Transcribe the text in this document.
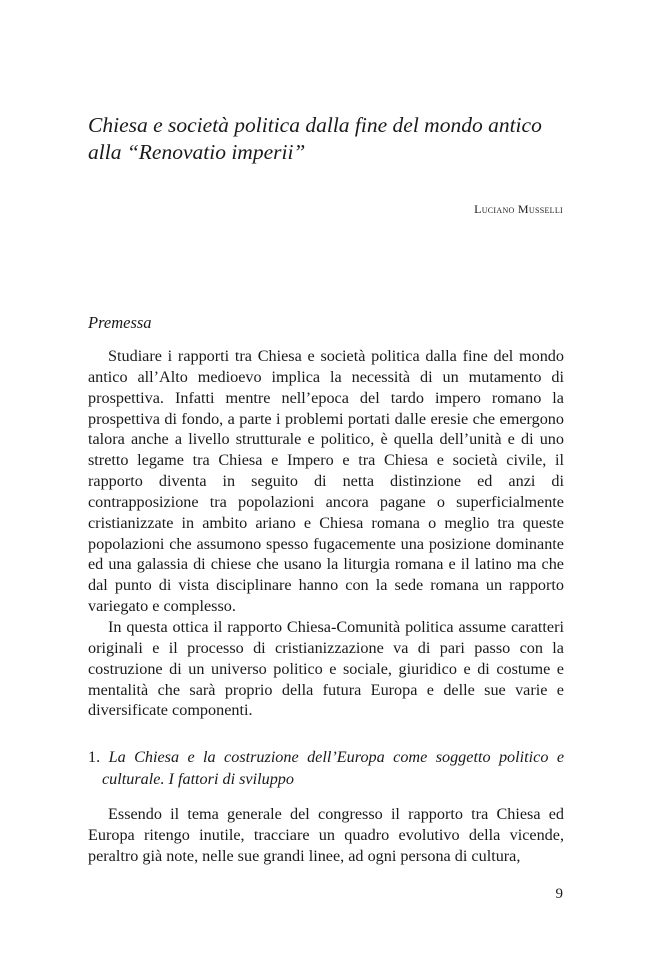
Chiesa e società politica dalla fine del mondo antico alla “Renovatio imperii”
Luciano Musselli
Premessa

Studiare i rapporti tra Chiesa e società politica dalla fine del mondo antico all’Alto medioevo implica la necessità di un mutamento di prospettiva. Infatti mentre nell’epoca del tardo impero romano la prospettiva di fondo, a parte i problemi portati dalle eresie che emergono talora anche a livello strutturale e politico, è quella dell’unità e di uno stretto legame tra Chiesa e Impero e tra Chiesa e società civile, il rapporto diventa in seguito di netta distinzione ed anzi di contrapposizione tra popolazioni ancora pagane o superficialmente cristianizzate in ambito ariano e Chiesa romana o meglio tra queste popolazioni che assumono spesso fugacemente una posizione dominante ed una galassia di chiese che usano la liturgia romana e il latino ma che dal punto di vista disciplinare hanno con la sede romana un rapporto variegato e complesso.

In questa ottica il rapporto Chiesa-Comunità politica assume caratteri originali e il processo di cristianizzazione va di pari passo con la costruzione di un universo politico e sociale, giuridico e di costume e mentalità che sarà proprio della futura Europa e delle sue varie e diversificate componenti.

1. La Chiesa e la costruzione dell’Europa come soggetto politico e culturale. I fattori di sviluppo

Essendo il tema generale del congresso il rapporto tra Chiesa ed Europa ritengo inutile, tracciare un quadro evolutivo della vicende, peraltro già note, nelle sue grandi linee, ad ogni persona di cultura,

9
